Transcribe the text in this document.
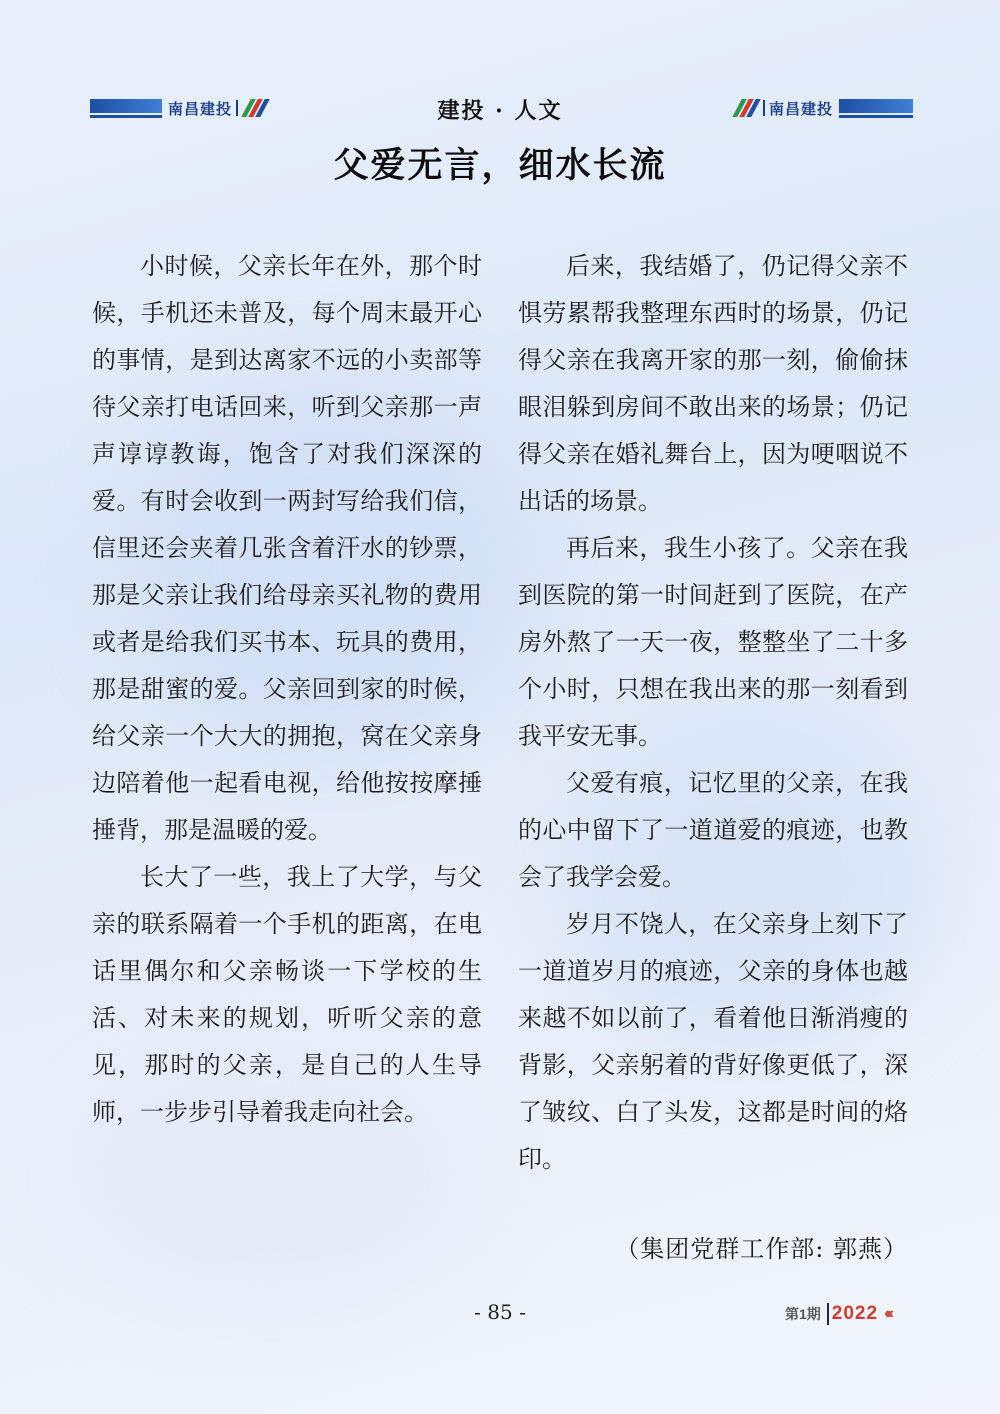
南昌建投	建投 · 人文	南昌建投
父爱无言，细水长流

小时候，父亲长年在外，那个时候，手机还未普及，每个周末最开心的事情，是到达离家不远的小卖部等待父亲打电话回来，听到父亲那一声声谆谆教诲，饱含了对我们深深的爱。有时会收到一两封写给我们信，信里还会夹着几张含着汗水的钞票，那是父亲让我们给母亲买礼物的费用或者是给我们买书本、玩具的费用，那是甜蜜的爱。父亲回到家的时候，给父亲一个大大的拥抱，窝在父亲身边陪着他一起看电视，给他按按摩捶捶背，那是温暖的爱。

长大了一些，我上了大学，与父亲的联系隔着一个手机的距离，在电话里偶尔和父亲畅谈一下学校的生活、对未来的规划，听听父亲的意见，那时的父亲，是自己的人生导师，一步步引导着我走向社会。

后来，我结婚了，仍记得父亲不惧劳累帮我整理东西时的场景，仍记得父亲在我离开家的那一刻，偷偷抹眼泪躲到房间不敢出来的场景；仍记得父亲在婚礼舞台上，因为哽咽说不出话的场景。

再后来，我生小孩了。父亲在我到医院的第一时间赶到了医院，在产房外熬了一天一夜，整整坐了二十多个小时，只想在我出来的那一刻看到我平安无事。

父爱有痕，记忆里的父亲，在我的心中留下了一道道爱的痕迹，也教会了我学会爱。

岁月不饶人，在父亲身上刻下了一道道岁月的痕迹，父亲的身体也越来越不如以前了，看着他日渐消瘦的背影，父亲躬着的背好像更低了，深了皱纹、白了头发，这都是时间的烙印。

（集团党群工作部: 郭燕）
- 85 -	第1期 2022 ‹‹‹
